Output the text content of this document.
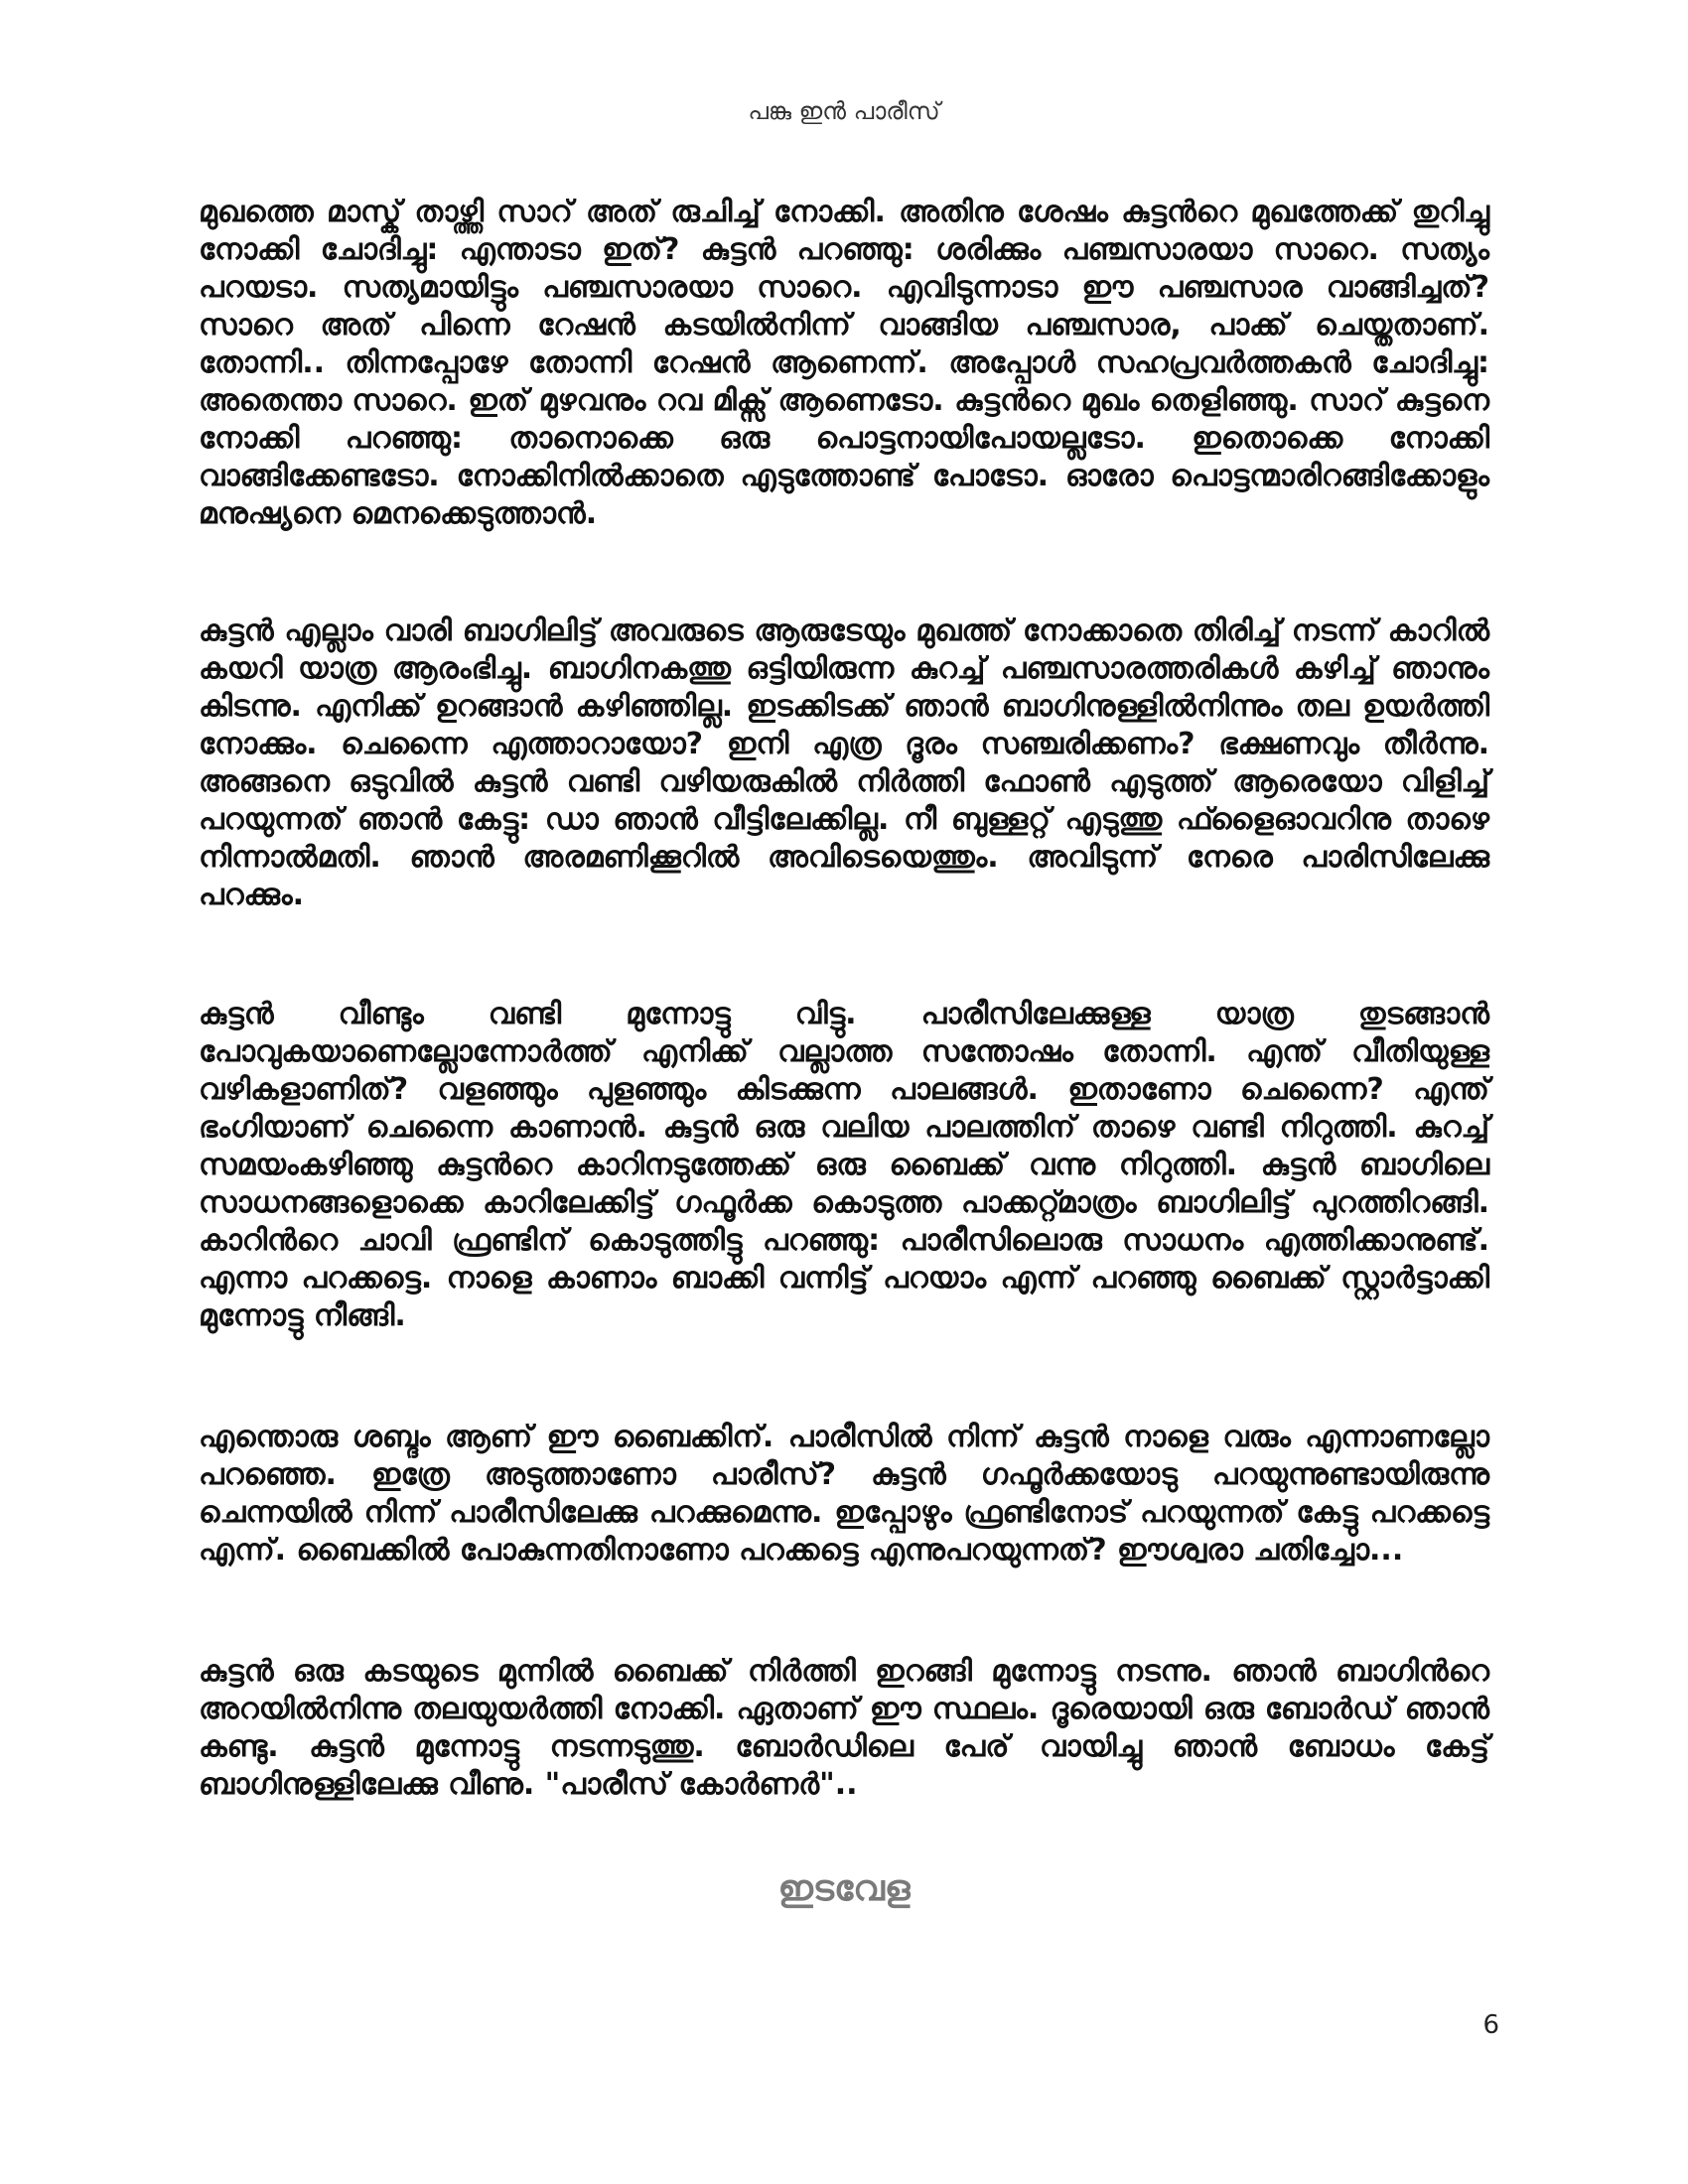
പങ്കു ഇൻ പാരീസ്

മുഖത്തെ മാസ്ക് താഴ്ത്തി സാറ് അത് രുചിച്ച് നോക്കി. അതിനു ശേഷം കുട്ടൻറെ മുഖത്തേക്ക് തുറിച്ചു നോക്കി ചോദിച്ചു: എന്താടാ ഇത്? കുട്ടൻ പറഞ്ഞു: ശരിക്കും പഞ്ചസാരയാ സാറെ. സത്യം പറയടാ. സത്യമായിട്ടും പഞ്ചസാരയാ സാറെ. എവിടുന്നാടാ ഈ പഞ്ചസാര വാങ്ങിച്ചത്? സാറെ അത് പിന്നെ റേഷൻ കടയിൽനിന്ന് വാങ്ങിയ പഞ്ചസാര, പാക്ക് ചെയ്തതാണ്. തോന്നി.. തിന്നപ്പോഴേ തോന്നി റേഷൻ ആണെന്ന്. അപ്പോൾ സഹപ്രവർത്തകൻ ചോദിച്ചു: അതെന്താ സാറെ. ഇത് മുഴവനും റവ മിക്സ് ആണെടോ. കുട്ടൻറെ മുഖം തെളിഞ്ഞു. സാറ് കുട്ടനെ നോക്കി പറഞ്ഞു: താനൊക്കെ ഒരു പൊട്ടനായിപോയല്ലടോ. ഇതൊക്കെ നോക്കി വാങ്ങിക്കേണ്ടടോ. നോക്കിനിൽക്കാതെ എടുത്തോണ്ട് പോടോ. ഓരോ പൊട്ടന്മാരിറങ്ങിക്കോളും മനുഷ്യനെ മെനക്കെടുത്താൻ.

കുട്ടൻ എല്ലാം വാരി ബാഗിലിട്ട് അവരുടെ ആരുടേയും മുഖത്ത് നോക്കാതെ തിരിച്ച് നടന്ന് കാറിൽ കയറി യാത്ര ആരംഭിച്ചു. ബാഗിനകത്തു ഒട്ടിയിരുന്ന കുറച്ച് പഞ്ചസാരത്തരികൾ കഴിച്ച് ഞാനും കിടന്നു. എനിക്ക് ഉറങ്ങാൻ കഴിഞ്ഞില്ല. ഇടക്കിടക്ക് ഞാൻ ബാഗിനുള്ളിൽനിന്നും തല ഉയർത്തി നോക്കും. ചെന്നൈ എത്താറായോ? ഇനി എത്ര ദൂരം സഞ്ചരിക്കണം? ഭക്ഷണവും തീർന്നു. അങ്ങനെ ഒടുവിൽ കുട്ടൻ വണ്ടി വഴിയരുകിൽ നിർത്തി ഫോൺ എടുത്ത് ആരെയോ വിളിച്ച് പറയുന്നത് ഞാൻ കേട്ടു: ഡാ ഞാൻ വീട്ടിലേക്കില്ല. നീ ബുള്ളറ്റ് എടുത്തു ഫ്ളൈഓവറിനു താഴെ നിന്നാൽമതി. ഞാൻ അരമണിക്കൂറിൽ അവിടെയെത്തും. അവിടുന്ന് നേരെ പാരിസിലേക്കു പറക്കും.

കുട്ടൻ വീണ്ടും വണ്ടി മുന്നോട്ടു വിട്ടു. പാരീസിലേക്കുള്ള യാത്ര തുടങ്ങാൻ പോവുകയാണെല്ലോന്നോർത്ത് എനിക്ക് വല്ലാത്ത സന്തോഷം തോന്നി. എന്ത് വീതിയുള്ള വഴികളാണിത്? വളഞ്ഞും പുളഞ്ഞും കിടക്കുന്ന പാലങ്ങൾ. ഇതാണോ ചെന്നൈ? എന്ത് ഭംഗിയാണ് ചെന്നൈ കാണാൻ. കുട്ടൻ ഒരു വലിയ പാലത്തിന് താഴെ വണ്ടി നിറുത്തി. കുറച്ച് സമയംകഴിഞ്ഞു കുട്ടൻറെ കാറിനടുത്തേക്ക് ഒരു ബൈക്ക് വന്നു നിറുത്തി. കുട്ടൻ ബാഗിലെ സാധനങ്ങളൊക്കെ കാറിലേക്കിട്ട് ഗഫൂർക്ക കൊടുത്ത പാക്കറ്റ്മാത്രം ബാഗിലിട്ട് പുറത്തിറങ്ങി. കാറിൻറെ ചാവി ഫ്രണ്ടിന് കൊടുത്തിട്ടു പറഞ്ഞു: പാരീസിലൊരു സാധനം എത്തിക്കാനുണ്ട്. എന്നാ പറക്കട്ടെ. നാളെ കാണാം ബാക്കി വന്നിട്ട് പറയാം എന്ന് പറഞ്ഞു ബൈക്ക് സ്റ്റാർട്ടാക്കി മുന്നോട്ടു നീങ്ങി.

എന്തൊരു ശബ്ദം ആണ് ഈ ബൈക്കിന്. പാരീസിൽ നിന്ന് കുട്ടൻ നാളെ വരും എന്നാണല്ലോ പറഞ്ഞെ. ഇത്രേ അടുത്താണോ പാരീസ്? കുട്ടൻ ഗഫൂർക്കയോടു പറയുന്നുണ്ടായിരുന്നു ചെന്നയിൽ നിന്ന് പാരീസിലേക്കു പറക്കുമെന്നു. ഇപ്പോഴും ഫ്രണ്ടിനോട് പറയുന്നത് കേട്ടു പറക്കട്ടെ എന്ന്. ബൈക്കിൽ പോകുന്നതിനാണോ പറക്കട്ടെ എന്നുപറയുന്നത്? ഈശ്വരാ ചതിച്ചോ...

കുട്ടൻ ഒരു കടയുടെ മുന്നിൽ ബൈക്ക് നിർത്തി ഇറങ്ങി മുന്നോട്ടു നടന്നു. ഞാൻ ബാഗിൻറെ അറയിൽനിന്നു തലയുയർത്തി നോക്കി. ഏതാണ് ഈ സ്ഥലം. ദൂരെയായി ഒരു ബോർഡ് ഞാൻ കണ്ടു. കുട്ടൻ മുന്നോട്ടു നടന്നടുത്തു. ബോർഡിലെ പേര് വായിച്ചു ഞാൻ ബോധം കേട്ട് ബാഗിനുള്ളിലേക്കു വീണു. "പാരീസ് കോർണർ"..

ഇടവേള
6
